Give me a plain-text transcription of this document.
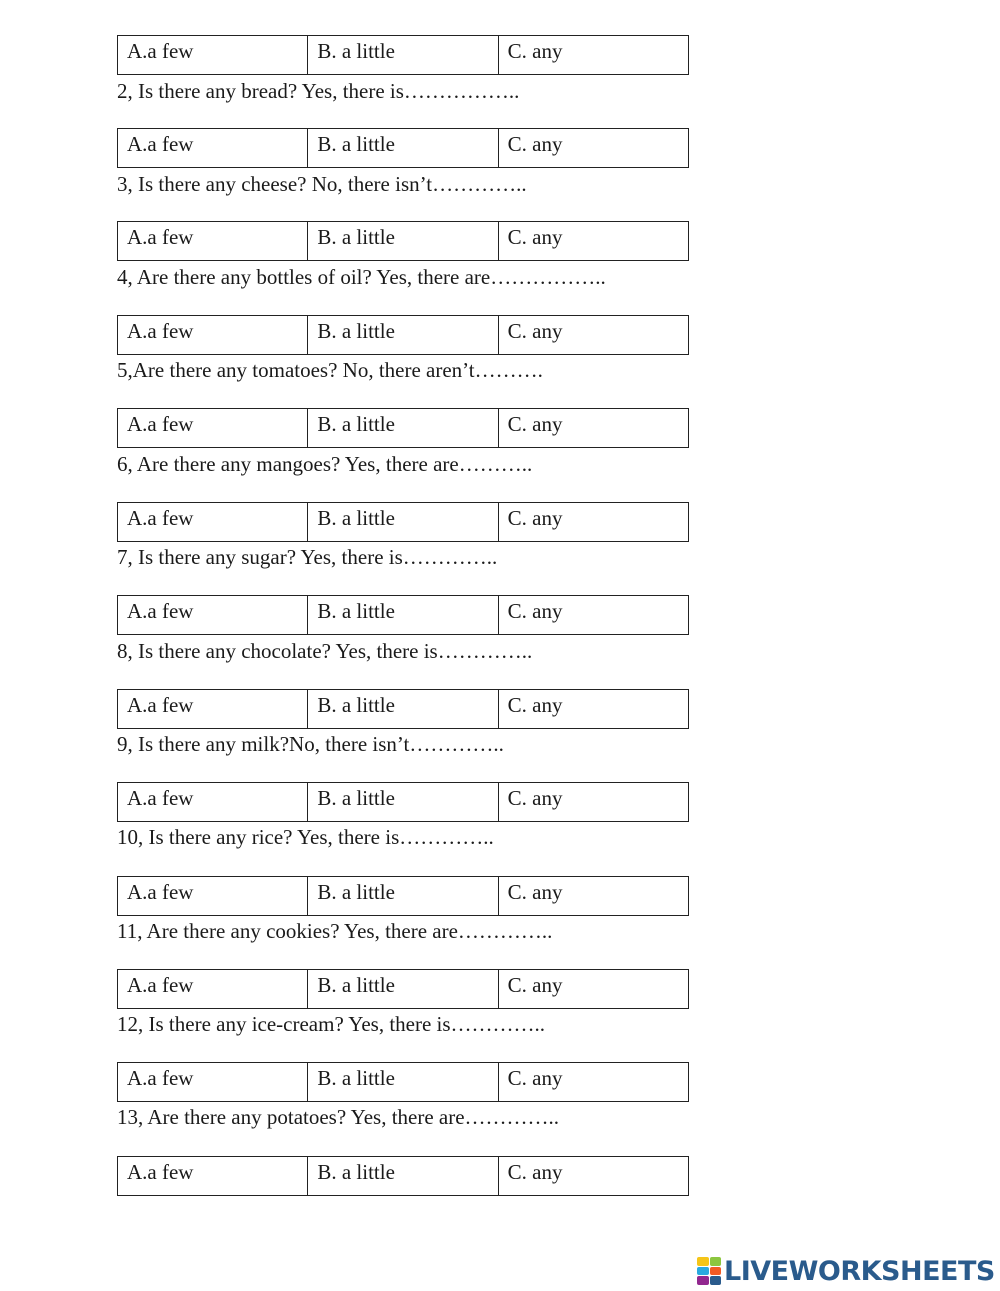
A.a few	B. a little	C. any

2, Is there any bread? Yes, there is……………..

A.a few	B. a little	C. any

3, Is there any cheese? No, there isn’t…………..

A.a few	B. a little	C. any

4, Are there any bottles of oil? Yes, there are……………..

A.a few	B. a little	C. any

5,Are there any tomatoes? No, there aren’t……….

A.a few	B. a little	C. any

6, Are there any mangoes? Yes, there are………..

A.a few	B. a little	C. any

7, Is there any sugar? Yes, there is…………..

A.a few	B. a little	C. any

8, Is there any chocolate? Yes, there is…………..

A.a few	B. a little	C. any

9, Is there any milk?No, there isn’t…………..

A.a few	B. a little	C. any

10, Is there any rice? Yes, there is…………..

A.a few	B. a little	C. any

11, Are there any cookies? Yes, there are…………..

A.a few	B. a little	C. any

12, Is there any ice-cream? Yes, there is…………..

A.a few	B. a little	C. any

13, Are there any potatoes? Yes, there are…………..

A.a few	B. a little	C. any
LIVEWORKSHEETS
